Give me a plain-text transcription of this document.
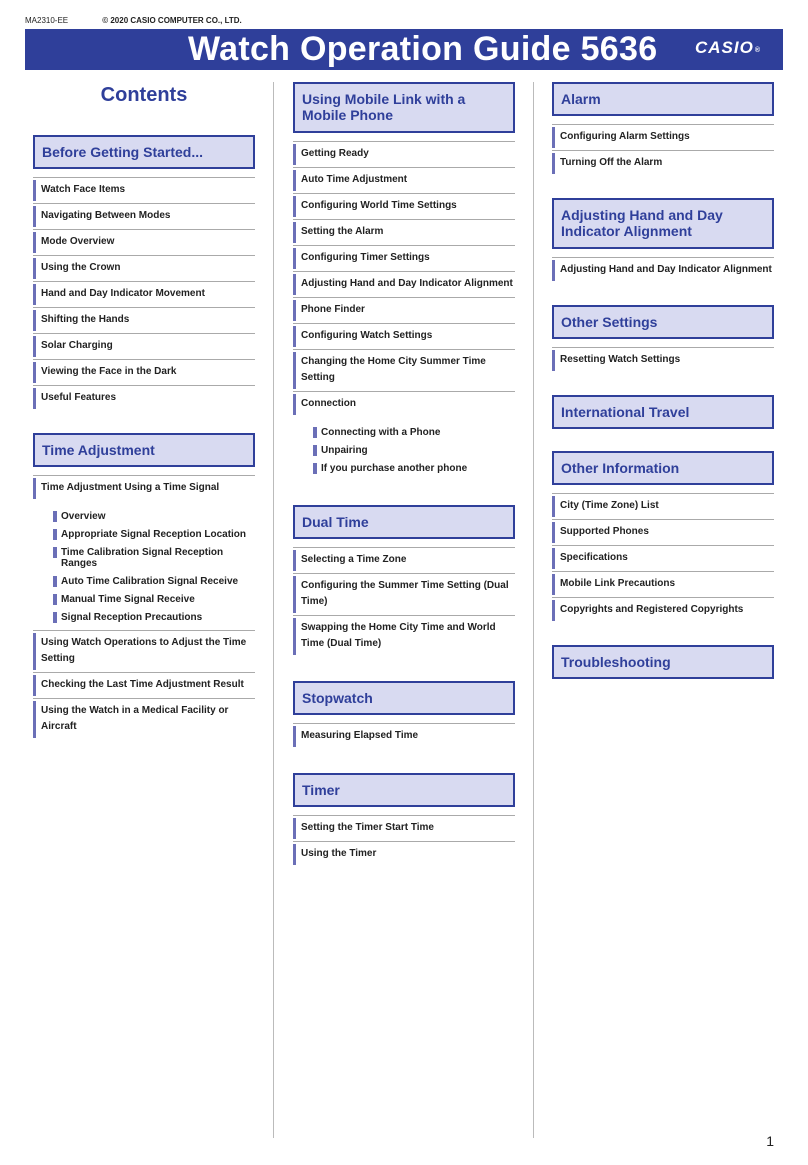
MA2310-EE	© 2020 CASIO COMPUTER CO., LTD.
Watch Operation Guide 5636 CASIO®
Contents
Before Getting Started...
Watch Face Items
Navigating Between Modes
Mode Overview
Using the Crown
Hand and Day Indicator Movement
Shifting the Hands
Solar Charging
Viewing the Face in the Dark
Useful Features
Time Adjustment
Time Adjustment Using a Time Signal
Overview
Appropriate Signal Reception Location
Time Calibration Signal Reception Ranges
Auto Time Calibration Signal Receive
Manual Time Signal Receive
Signal Reception Precautions
Using Watch Operations to Adjust the Time Setting
Checking the Last Time Adjustment Result
Using the Watch in a Medical Facility or Aircraft
Using Mobile Link with a Mobile Phone
Getting Ready
Auto Time Adjustment
Configuring World Time Settings
Setting the Alarm
Configuring Timer Settings
Adjusting Hand and Day Indicator Alignment
Phone Finder
Configuring Watch Settings
Changing the Home City Summer Time Setting
Connection
Connecting with a Phone
Unpairing
If you purchase another phone
Dual Time
Selecting a Time Zone
Configuring the Summer Time Setting (Dual Time)
Swapping the Home City Time and World Time (Dual Time)
Stopwatch
Measuring Elapsed Time
Timer
Setting the Timer Start Time
Using the Timer
Alarm
Configuring Alarm Settings
Turning Off the Alarm
Adjusting Hand and Day Indicator Alignment
Adjusting Hand and Day Indicator Alignment
Other Settings
Resetting Watch Settings
International Travel
Other Information
City (Time Zone) List
Supported Phones
Specifications
Mobile Link Precautions
Copyrights and Registered Copyrights
Troubleshooting
1
